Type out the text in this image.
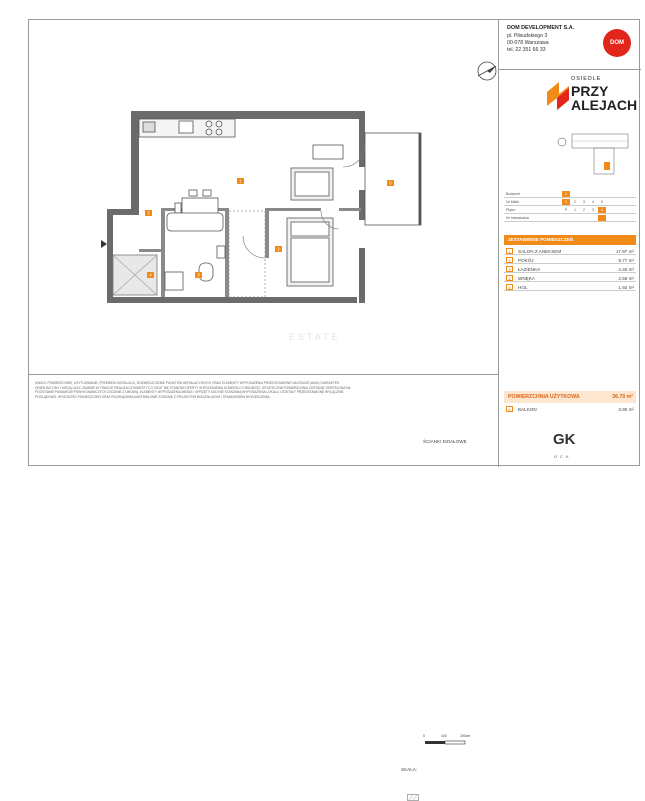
1
2
3
4
5
6
ESTATE
UWAGI: POWIERZCHNIE, USYTUOWANIE, PRZEBIEGI INSTALACJI, ROZMIESZCZENIE PUNKTÓW INSTALACYJNYCH ORAZ ELEMENTY WYPOSAŻENIA PRZEDSTAWIONE NA RZUCIE MAJĄ CHARAKTER ORIENTACYJNY I MOGĄ ULEC ZMIANIE W TRAKCIE REALIZACJI INWESTYCJI. RZUT NIE STANOWI OFERTY W ROZUMIENIU KODEKSU CYWILNEGO. OSTATECZNA POWIERZCHNIA ZOSTANIE OKREŚLONA NA PODSTAWIE POMIARÓW POWYKONAWCZYCH ZGODNIE Z UMOWĄ. ELEMENTY WYPOSAŻENIA MEBLE I SPRZĘTY AGD NIE STANOWIĄ WYPOSAŻENIA LOKALU I ZOSTAŁY PRZEDSTAWIONE WYŁĄCZNIE POGLĄDOWO. WYSOKOŚĆ POMIESZCZEŃ ORAZ ROZWIĄZANIA MATERIAŁOWE ZGODNIE Z PROJEKTEM BUDOWLANYM I STANDARDEM WYKOŃCZENIA.
SKALA:
0	100	200cm
ŚCIANKI DZIAŁOWE
DOM DEVELOPMENT S.A.
pl. Piłsudskiego 3
00-078 Warszawa
tel. 22 351 66 33
DOM
OSIEDLE
PRZY
ALEJACH
Budynek	1
Nr klatki	1	2	3	4	5
Piętro	P	1	2	3	4
Nr mieszkania
ZESTAWIENIE POMIESZCZEŃ
1	SALON Z ANEKSEM	17.97 m²
2	POKÓJ	9.77 m²
3	ŁAZIENKA	4.45 m²
4	WNĘKA	2.59 m²
5	HOL	1.92 m²
POWIERZCHNIA UŻYTKOWA	36.70 m²
6	BALKON	3.90 m²
GK
GCK
